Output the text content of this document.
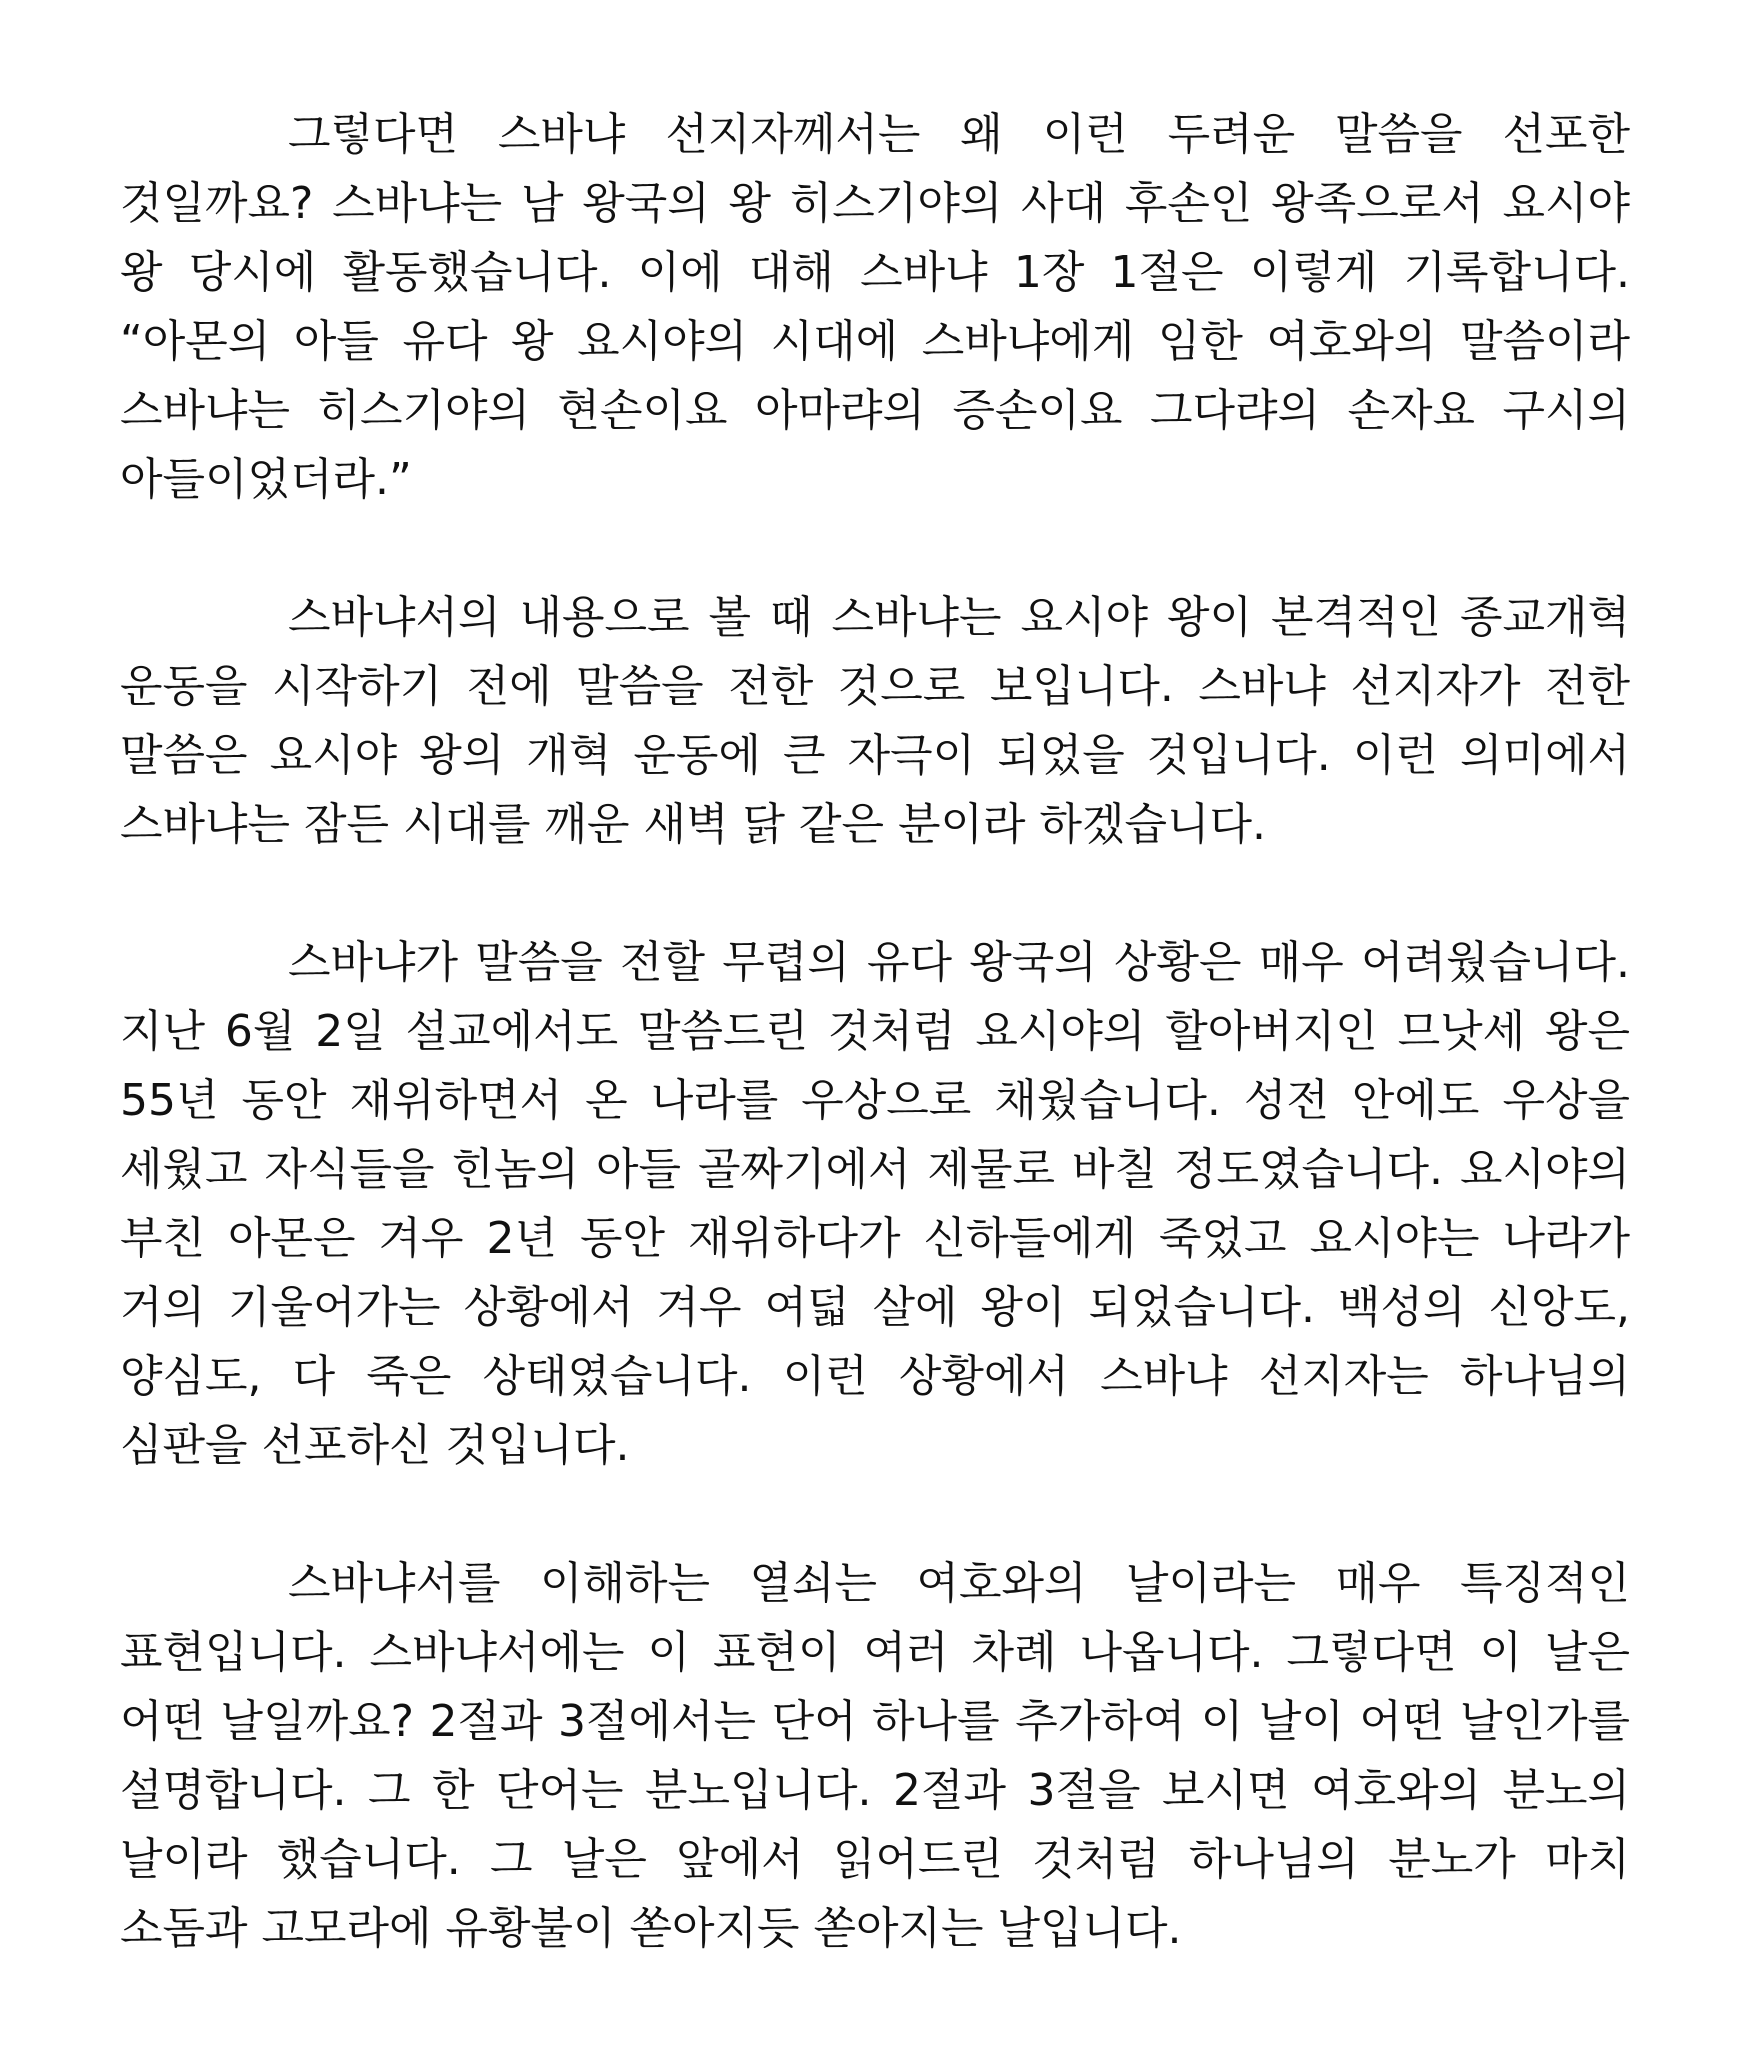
그렇다면 스바냐 선지자께서는 왜 이런 두려운 말씀을 선포한 것일까요? 스바냐는 남 왕국의 왕 히스기야의 사대 후손인 왕족으로서 요시야 왕 당시에 활동했습니다. 이에 대해 스바냐 1장 1절은 이렇게 기록합니다. “아몬의 아들 유다 왕 요시야의 시대에 스바냐에게 임한 여호와의 말씀이라 스바냐는 히스기야의 현손이요 아마랴의 증손이요 그다랴의 손자요 구시의 아들이었더라.”

스바냐서의 내용으로 볼 때 스바냐는 요시야 왕이 본격적인 종교개혁 운동을 시작하기 전에 말씀을 전한 것으로 보입니다. 스바냐 선지자가 전한 말씀은 요시야 왕의 개혁 운동에 큰 자극이 되었을 것입니다. 이런 의미에서 스바냐는 잠든 시대를 깨운 새벽 닭 같은 분이라 하겠습니다.

스바냐가 말씀을 전할 무렵의 유다 왕국의 상황은 매우 어려웠습니다. 지난 6월 2일 설교에서도 말씀드린 것처럼 요시야의 할아버지인 므낫세 왕은 55년 동안 재위하면서 온 나라를 우상으로 채웠습니다. 성전 안에도 우상을 세웠고 자식들을 힌놈의 아들 골짜기에서 제물로 바칠 정도였습니다. 요시야의 부친 아몬은 겨우 2년 동안 재위하다가 신하들에게 죽었고 요시야는 나라가 거의 기울어가는 상황에서 겨우 여덟 살에 왕이 되었습니다. 백성의 신앙도, 양심도, 다 죽은 상태였습니다. 이런 상황에서 스바냐 선지자는 하나님의 심판을 선포하신 것입니다.

스바냐서를 이해하는 열쇠는 여호와의 날이라는 매우 특징적인 표현입니다. 스바냐서에는 이 표현이 여러 차례 나옵니다. 그렇다면 이 날은 어떤 날일까요? 2절과 3절에서는 단어 하나를 추가하여 이 날이 어떤 날인가를 설명합니다. 그 한 단어는 분노입니다. 2절과 3절을 보시면 여호와의 분노의 날이라 했습니다. 그 날은 앞에서 읽어드린 것처럼 하나님의 분노가 마치 소돔과 고모라에 유황불이 쏟아지듯 쏟아지는 날입니다.
